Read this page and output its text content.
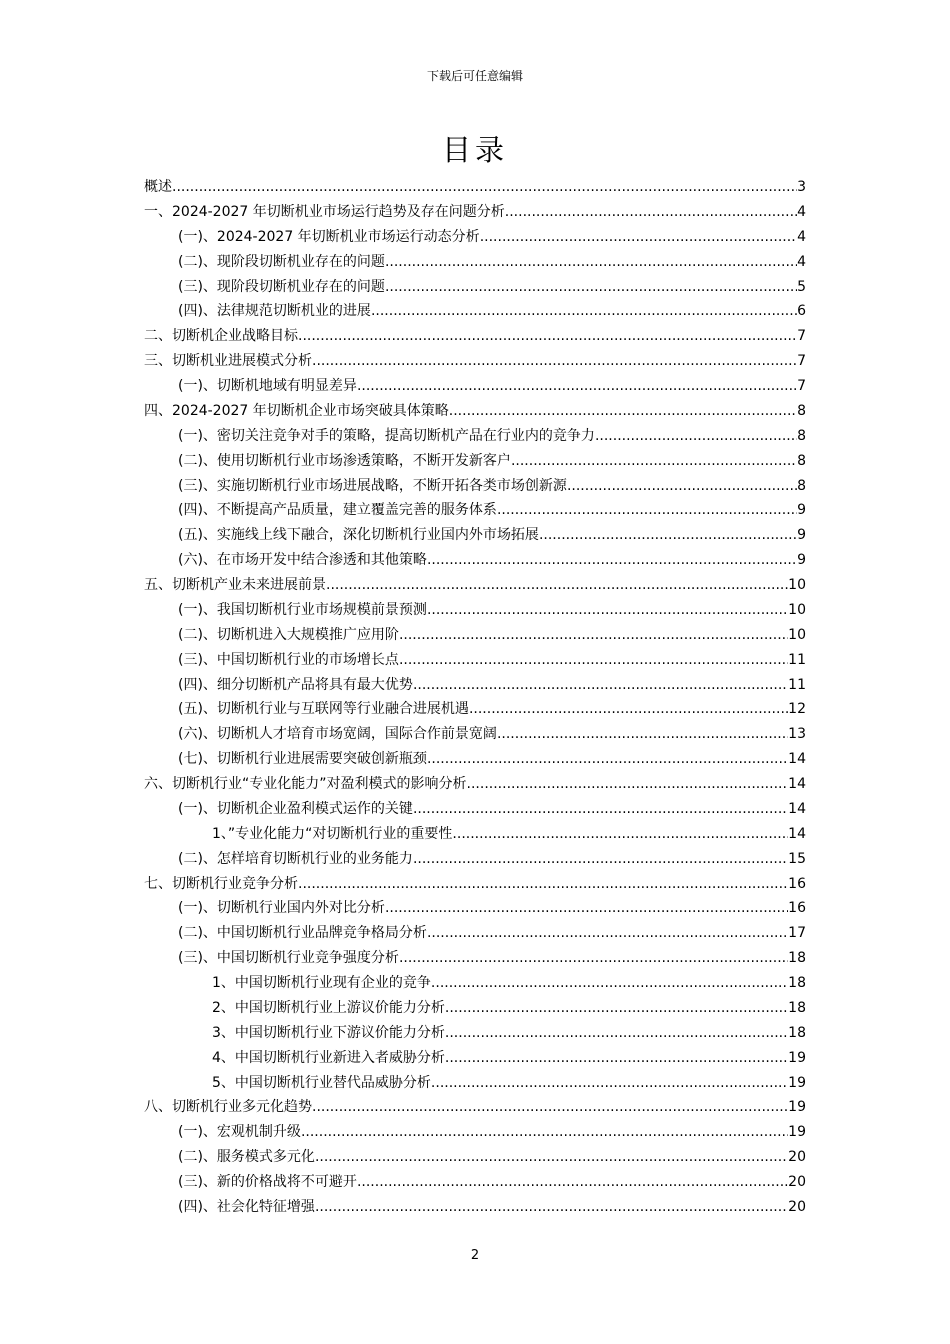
下载后可任意编辑
目录
概述 .....	3
一、2024-2027 年切断机业市场运行趋势及存在问题分析 .....	4
(一)、2024-2027 年切断机业市场运行动态分析 .....	4
(二)、现阶段切断机业存在的问题 .....	4
(三)、现阶段切断机业存在的问题 .....	5
(四)、法律规范切断机业的进展 .....	6
二、切断机企业战略目标 .....	7
三、切断机业进展模式分析 .....	7
(一)、切断机地域有明显差异 .....	7
四、2024-2027 年切断机企业市场突破具体策略 .....	8
(一)、密切关注竞争对手的策略，提高切断机产品在行业内的竞争力 .....	8
(二)、使用切断机行业市场渗透策略，不断开发新客户 .....	8
(三)、实施切断机行业市场进展战略，不断开拓各类市场创新源 .....	8
(四)、不断提高产品质量，建立覆盖完善的服务体系 .....	9
(五)、实施线上线下融合，深化切断机行业国内外市场拓展 .....	9
(六)、在市场开发中结合渗透和其他策略 .....	9
五、切断机产业未来进展前景 .....	10
(一)、我国切断机行业市场规模前景预测 .....	10
(二)、切断机进入大规模推广应用阶 .....	10
(三)、中国切断机行业的市场增长点 .....	11
(四)、细分切断机产品将具有最大优势 .....	11
(五)、切断机行业与互联网等行业融合进展机遇 .....	12
(六)、切断机人才培育市场宽阔，国际合作前景宽阔 .....	13
(七)、切断机行业进展需要突破创新瓶颈 .....	14
六、切断机行业“专业化能力”对盈利模式的影响分析 .....	14
(一)、切断机企业盈利模式运作的关键 .....	14
1、”专业化能力“对切断机行业的重要性 .....	14
(二)、怎样培育切断机行业的业务能力 .....	15
七、切断机行业竞争分析 .....	16
(一)、切断机行业国内外对比分析 .....	16
(二)、中国切断机行业品牌竞争格局分析 .....	17
(三)、中国切断机行业竞争强度分析 .....	18
1、中国切断机行业现有企业的竞争 .....	18
2、中国切断机行业上游议价能力分析 .....	18
3、中国切断机行业下游议价能力分析 .....	18
4、中国切断机行业新进入者威胁分析 .....	19
5、中国切断机行业替代品威胁分析 .....	19
八、切断机行业多元化趋势 .....	19
(一)、宏观机制升级 .....	19
(二)、服务模式多元化 .....	20
(三)、新的价格战将不可避开 .....	20
(四)、社会化特征增强 .....	20
2
